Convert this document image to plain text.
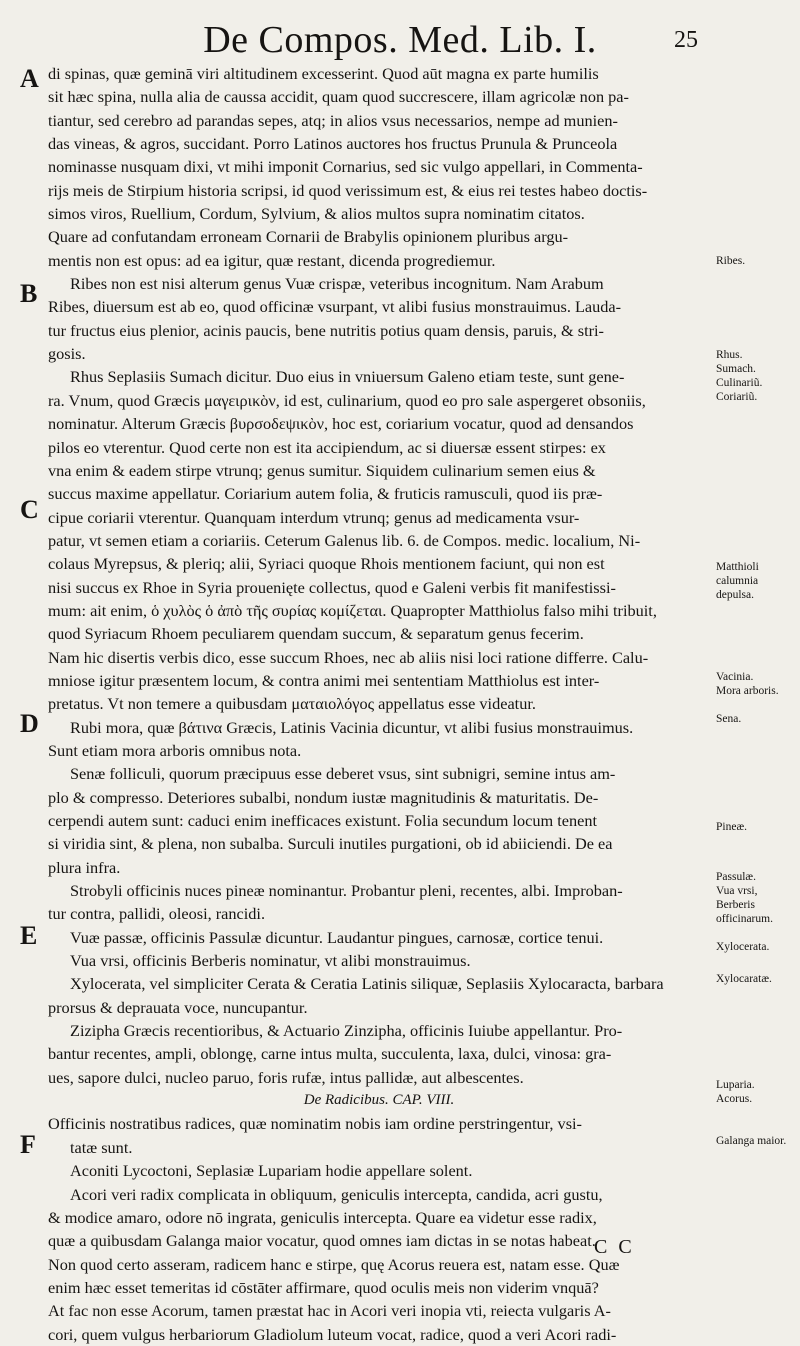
De Compos. Med. Lib. I.	25
A
B
C
D
E
F
Ribes.
Rhus.
Sumach.
Culinariũ.
Coriariũ.
Matthioli calumnia depulsa.
Vacinia.
Mora arboris.
Sena.
Pineæ.
Passulæ.
Vua vrsi,
Berberis officinarum.
Xylocerata.
Xylocaratæ.
Luparia.
Acorus.
Galanga maior.
di spinas, quæ geminā viri altitudinem excesserint. Quod aūt magna ex parte humilis
sit hæc spina, nulla alia de caussa accidit, quam quod succrescere, illam agricolæ non pa-
tiantur, sed cerebro ad parandas sepes, atq; in alios vsus necessarios, nempe ad munien-
das vineas, & agros, succidant. Porro Latinos auctores hos fructus Prunula & Prunceola
nominasse nusquam dixi, vt mihi imponit Cornarius, sed sic vulgo appellari, in Commenta-
rijs meis de Stirpium historia scripsi, id quod verissimum est, & eius rei testes habeo doctis-
simos viros, Ruellium, Cordum, Sylvium, & alios multos supra nominatim citatos.
Quare ad confutandam erroneam Cornarii de Brabylis opinionem pluribus argu-
mentis non est opus: ad ea igitur, quæ restant, dicenda progrediemur.
Ribes non est nisi alterum genus Vuæ crispæ, veteribus incognitum. Nam Arabum
Ribes, diuersum est ab eo, quod officinæ vsurpant, vt alibi fusius monstrauimus. Lauda-
tur fructus eius plenior, acinis paucis, bene nutritis potius quam densis, paruis, & stri-
gosis.
Rhus Seplasiis Sumach dicitur. Duo eius in vniuersum Galeno etiam teste, sunt gene-
ra. Vnum, quod Græcis μαγειρικὸν, id est, culinarium, quod eo pro sale aspergeret obsoniis,
nominatur. Alterum Græcis βυρσοδεψικὸν, hoc est, coriarium vocatur, quod ad densandos
pilos eo vterentur. Quod certe non est ita accipiendum, ac si diuersæ essent stirpes: ex
vna enim & eadem stirpe vtrunq; genus sumitur. Siquidem culinarium semen eius &
succus maxime appellatur. Coriarium autem folia, & fruticis ramusculi, quod iis præ-
cipue coriarii vterentur. Quanquam interdum vtrunq; genus ad medicamenta vsur-
patur, vt semen etiam a coriariis. Ceterum Galenus lib. 6. de Compos. medic. localium, Ni-
colaus Myrepsus, & pleriq; alii, Syriaci quoque Rhois mentionem faciunt, qui non est
nisi succus ex Rhoe in Syria prouenięte collectus, quod e Galeni verbis fit manifestissi-
mum: ait enim, ὁ χυλὸς ὁ ἀπὸ τῆς συρίας κομίζεται. Quapropter Matthiolus falso mihi tribuit,
quod Syriacum Rhoem peculiarem quendam succum, & separatum genus fecerim.
Nam hic disertis verbis dico, esse succum Rhoes, nec ab aliis nisi loci ratione differre. Calu-
mniose igitur præsentem locum, & contra animi mei sententiam Matthiolus est inter-
pretatus. Vt non temere a quibusdam ματαιολόγος appellatus esse videatur.
Rubi mora, quæ βάτινα Græcis, Latinis Vacinia dicuntur, vt alibi fusius monstrauimus.
Sunt etiam mora arboris omnibus nota.
Senæ folliculi, quorum præcipuus esse deberet vsus, sint subnigri, semine intus am-
plo & compresso. Deteriores subalbi, nondum iustæ magnitudinis & maturitatis. De-
cerpendi autem sunt: caduci enim inefficaces existunt. Folia secundum locum tenent
si viridia sint, & plena, non subalba. Surculi inutiles purgationi, ob id abiiciendi. De ea
plura infra.
Strobyli officinis nuces pineæ nominantur. Probantur pleni, recentes, albi. Improban-
tur contra, pallidi, oleosi, rancidi.
Vuæ passæ, officinis Passulæ dicuntur. Laudantur pingues, carnosæ, cortice tenui.
Vua vrsi, officinis Berberis nominatur, vt alibi monstrauimus.
Xylocerata, vel simpliciter Cerata & Ceratia Latinis siliquæ, Seplasiis Xylocaracta, barbara
prorsus & deprauata voce, nuncupantur.
Zizipha Græcis recentioribus, & Actuario Zinzipha, officinis Iuiube appellantur. Pro-
bantur recentes, ampli, oblongę, carne intus multa, succulenta, laxa, dulci, vinosa: gra-
ues, sapore dulci, nucleo paruo, foris rufæ, intus pallidæ, aut albescentes.
De Radicibus. CAP. VIII.
Officinis nostratibus radices, quæ nominatim nobis iam ordine perstringentur, vsi-
tatæ sunt.
Aconiti Lycoctoni, Seplasiæ Lupariam hodie appellare solent.
Acori veri radix complicata in obliquum, geniculis intercepta, candida, acri gustu,
& modice amaro, odore nō ingrata, geniculis intercepta. Quare ea videtur esse radix,
quæ a quibusdam Galanga maior vocatur, quod omnes iam dictas in se notas habeat.
Non quod certo asseram, radicem hanc e stirpe, quę Acorus reuera est, natam esse. Quæ
enim hæc esset temeritas id cōstāter affirmare, quod oculis meis non viderim vnquā?
At fac non esse Acorum, tamen præstat hac in Acori veri inopia vti, reiecta vulgaris A-
cori, quem vulgus herbariorum Gladiolum luteum vocat, radice, quod a veri Acori radi-
C C
